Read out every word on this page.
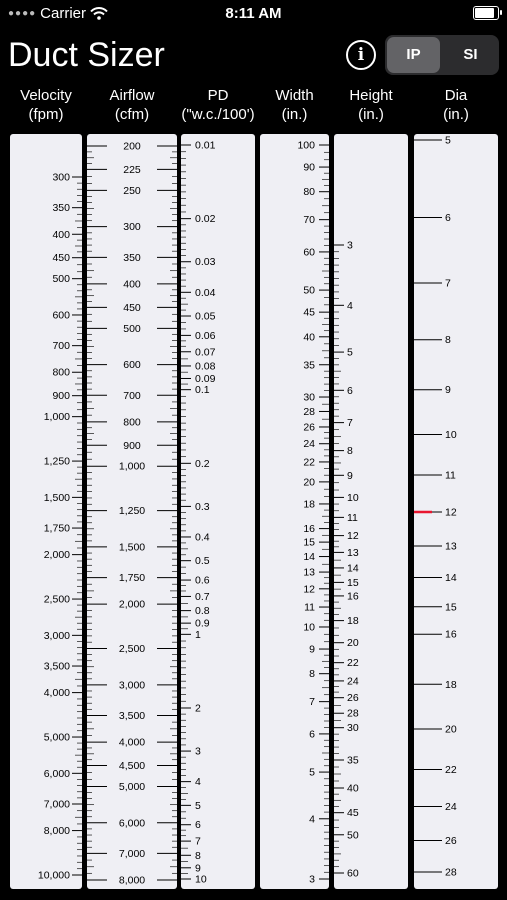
●●●● Carrier	8:11 AM
Duct Sizer	i	IP	SI
Velocity
(fpm)
Airflow
(cfm)
PD
("w.c./100')
Width
(in.)
Height
(in.)
Dia
(in.)
300
350
400
450
500
600
700
800
900
1,000
1,250
1,500
1,750
2,000
2,500
3,000
3,500
4,000
5,000
6,000
7,000
8,000
10,000
200
225
250
300
350
400
450
500
600
700
800
900
1,000
1,250
1,500
1,750
2,000
2,500
3,000
3,500
4,000
4,500
5,000
6,000
7,000
8,000
0.01
0.02
0.03
0.04
0.05
0.06
0.07
0.08
0.09
0.1
0.2
0.3
0.4
0.5
0.6
0.7
0.8
0.9
1
2
3
4
5
6
7
8
9
10
100
90
80
70
60
50
45
40
35
30
28
26
24
22
20
18
16
15
14
13
12
11
10
9
8
7
6
5
4
3
3
4
5
6
7
8
9
10
11
12
13
14
15
16
18
20
22
24
26
28
30
35
40
45
50
60
5
6
7
8
9
10
11
12
13
14
15
16
18
20
22
24
26
28
